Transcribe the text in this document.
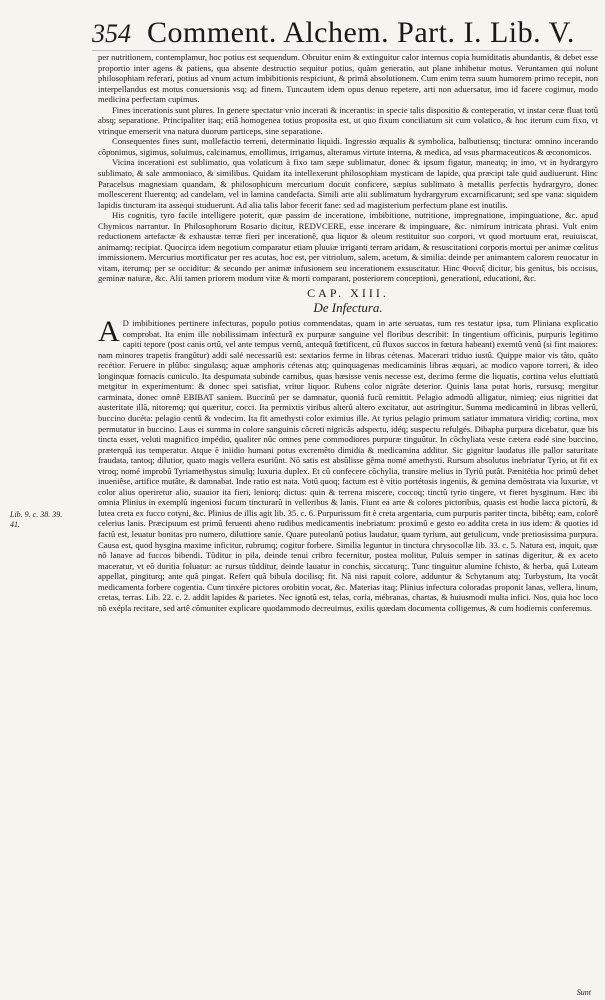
354 Comment. Alchem. Part. I. Lib. V.
Lib. 9. c. 38. 39. 41.

per nutritionem, contemplamur, hoc potius est sequendum. Obruitur enim & extinguitur calor internus copia humiditatis abundantis, & debet esse proportio inter agens & patiens, qua absente destructio sequitur potius, quàm generatio, aut plane inhibetur motus. Veruntamen qui nolunt philosophiam referari, potius ad vnum actum imbibitionis respiciunt, & primâ absolutionem. Cum enim terra suum humorem primo recepit, non interpellandus est motus conuersionis vsq; ad finem. Tuncautem idem opus denuo repetere, arti non aduersatur, imo id facere cogimur, modo medicina perfectam cupimus.

Fines incerationis sunt plures. In genere spectatur vnio incerati & incerantis: in specie talis dispositio & conteperatio, vt instar ceræ fluat totû absq; separatione. Principaliter itaq; etiâ homogenea totius proposita est, ut quo fixum conciliatum sit cum volatico, & hoc iterum cum fixo, vt vtrinque emerserit vna natura duorum particeps, sine separatione.

Consequentes fines sunt, mollefactio terreni, determinatio liquidi. Ingressio æqualis & symbolica, balbutiensq; tinctura: omnino incerando cõponimus, sigimus, soluimus, calcinamus, emollimus, irrigamus, alteramus virtute interna, & medica, ad vsus pharmaceuticos & œconomicos.

Vicina incerationi est sublimatio, qua volaticum à fixo tam sæpe sublimatur, donec & ipsum figatur, maneatq; in imo, vt in hydrargyro sublimato, & sale ammoniaco, & similibus. Quidam ita intellexerunt philosophiam mysticam de lapide, qua præcipi tale quid audiuerunt. Hinc Paracelsus magnesiam quandam, & philosophicum mercurium docuit conficere, sæpius sublimato à metallis perfectis hydrargyro, donec mollescerent fluerentq; ad candelam, vel in lamina candefacta. Simili arte alii sublimatum hydrargyrum excarnificarunt; sed spe vana: siquidem lapidis tincturam ita assequi studuerunt. Ad alia talis labor fecerit fane: sed ad magisterium perfectum plane est inutilis.

His cognitis, tyro facile intelligere poterit, quæ passim de inceratione, imbibitione, nutritione, impregnatione, impinguatione, &c. apud Chymicos narrantur. In Philosophorum Rosario dicitur, REDVCERE, esse incerare & impinguare, &c. nimirum intricata phrasi. Vult enim reductionem artefactæ & exhaustæ terræ fieri per incerationê, qua liquor & oleum restituitur suo corpori, vt quod mortuum erat, reuiuiscat, animamq; recipiat. Quocirca idem negotium comparatur etiam pluuiæ irriganti terram aridam, & resuscitationi corporis mortui per animæ cœlitus immissionem. Mercurius mortificatur per res acutas, hoc est, per vitriolum, salem, acetum, & similia: deinde per animantem calorem reuocatur in vitam, iterumq; per se occiditur: & secundo per animæ infusionem seu incerationem exsuscitatur. Hinc Φoινιξ dicitur, bis genitus, bis occisus, geminæ naturæ, &c. Alii tamen priorem modum vitæ & morti comparant, posteriorem conceptioni, generationi, educationi, &c.

CAP. XIII.
De Infectura.

A D imbibitiones pertinere infecturas, populo potius commendatas, quam in arte seruatas, tum res testatur ipsa, tum Pliniana explicatio comprobat. Ita enim ille nobilissimam infecturâ ex purpuræ sanguine vel floribus describit: In tingentium officinis, purpuris legitimo capiti tepore (post canis ortû, vel ante tempus vernû, antequâ fœtificent, cû fluxos succos in fœtura habeant) exemtû venû (si fint maiores: nam minores trapetis frangûtur) addi salé necessariû est: sextarios ferme in libras cétenas. Macerari triduo iustû. Quippe maior vis tãto, quãto recétior. Feruere in plûbo: singulasq; aquæ amphoris cétenas atq; quinquagenas medicaminis libras æquari, ac modico vapore torreri, & ideo longinquæ fornacis cuniculo. Ita despumata subinde carnibus, quas hæsisse venis necesse est, decimo ferme die liquatis, cortina velus eluttiatû metgitur in experimentum: & donec spei satisfiat, vritur liquor. Rubens color nigrãte deterior. Quinis lana potat horis, rursusq; mergitur carminata, donec omnê EBIBAT saniem. Buccinû per se damnatur, quoniá fucû remittit. Pelagio admodû alligatur, nimieq; eius nigritiei dat austeritate illã, nitoremq; qui quæritur, cocci. Ita permixtis viribus alterû altero excitatur, aut astringitur. Summa medicaminû in libras vellerû, buccino ducéta: pelagio centû & vndecim. Ita fit amethysti color eximius ille. At tyrius pelagio primum satiatur immatura viridiq; cortina, mox permutatur in buccino. Laus ei summa in colore sanguinis côcreti nigricãs adspectu, idéq; suspectu refulgés. Dibapha purpura dicebatur, quæ bis tincta esset, veluti magnifico impédio, qualiter nûc omnes pene commodiores purpuræ tinguûtur. In cõchyliata veste cætera eadé sine buccino, præterquâ ius temperatur. Atque ẽ iniidio humani potus excremêto dimidia & medicamina additur. Sic gignitur laudatus ille pallor saturitate fraudata, tantoq; dilutior, quato magis vellera esuriûnt. Nõ satis est absûlisse gêma nomé amethysti. Rursum absolutus inebriatur Tyrio, ut fit ex vtroq; nomé improbû Tyriamethystus simulq; luxuria duplex. Et cû confecere cõchylia, transire melius in Tyriû putât. Pænitétia hoc primû debet inueniêse, artifice mutâte, & damnabat. Inde ratio est nata. Votû quoq; factum est è vitio portétosis ingeniis, & gemina demõstrata via luxuriæ, vt color alius operiretur alio, suauior ita fieri, leniorq; dictus: quin & terrena miscere, coccoq; tinctû tyrio tingere, vt fieret hysginum. Hæc ibi omnia Plinius in exemplû ingeniosi fucum tincturarû in velleribus & lanis. Fiunt ea arte & colores pictoribus, quasis est hodie lacca pictorû, & lutea creta ex fucco cotyni, &c. Plinius de illis agit lib. 35. c. 6. Purpurissum fit è creta argentaria, cum purpuris pariter tincta, bibêtq; eam, colorê celerius lanis. Præcipuum est primû feruenti aheno rudibus medicamentis inebriatum: proximû e gesto eo addita creta in ius idem: & quoties id factû est, leuatur bonitas pro numero, diluttiore sanie. Quare puteolanû potius laudatur, quam tyrium, aut getulicum, vnde pretiosissima purpura. Causa est, quod hysgina maxime inficitur, rubrumq; cogitur forbere. Similia leguntur in tinctura chrysocollæ lib. 33. c. 5. Natura est, inquit, quæ nô lanave ad fuccos bibendi. Tûditur in pila, deinde tenui cribro fecernitur, postea molitur, Puluis semper in satinas digeritur, & ex aceto maceratur, vt eõ duritia foluatur: ac rursus tûdditur, deinde lauatur in conchis, siccaturq;. Tunc tinguitur alumine fchisto, & herba, quã Luteam appellat, pingiturq; ante quã pingat. Refert quã bibula docilisq; fit. Nã nisi rapuit colore, adduntur & Schytanum atq; Turbystum, Ita vocât medicamenta forbere cogentia. Cum tinxére pictores orobitin vocat, &c. Materias itaq; Plinius infectura coloradas proponit lanas, vellera, linum, cretas, terras. Lib. 22. c. 2. addit lapides & parietes. Nec ignotû est, telas, coria, mébranas, chartas, & huiusmodi multa infici. Nos, quia hoc loco nõ exépla recitare, sed artê cõmuniter explicare quodammodo decreuimus, exilis quædam documenta colligemus, & cum hodiernis conferemus.

Sunt
